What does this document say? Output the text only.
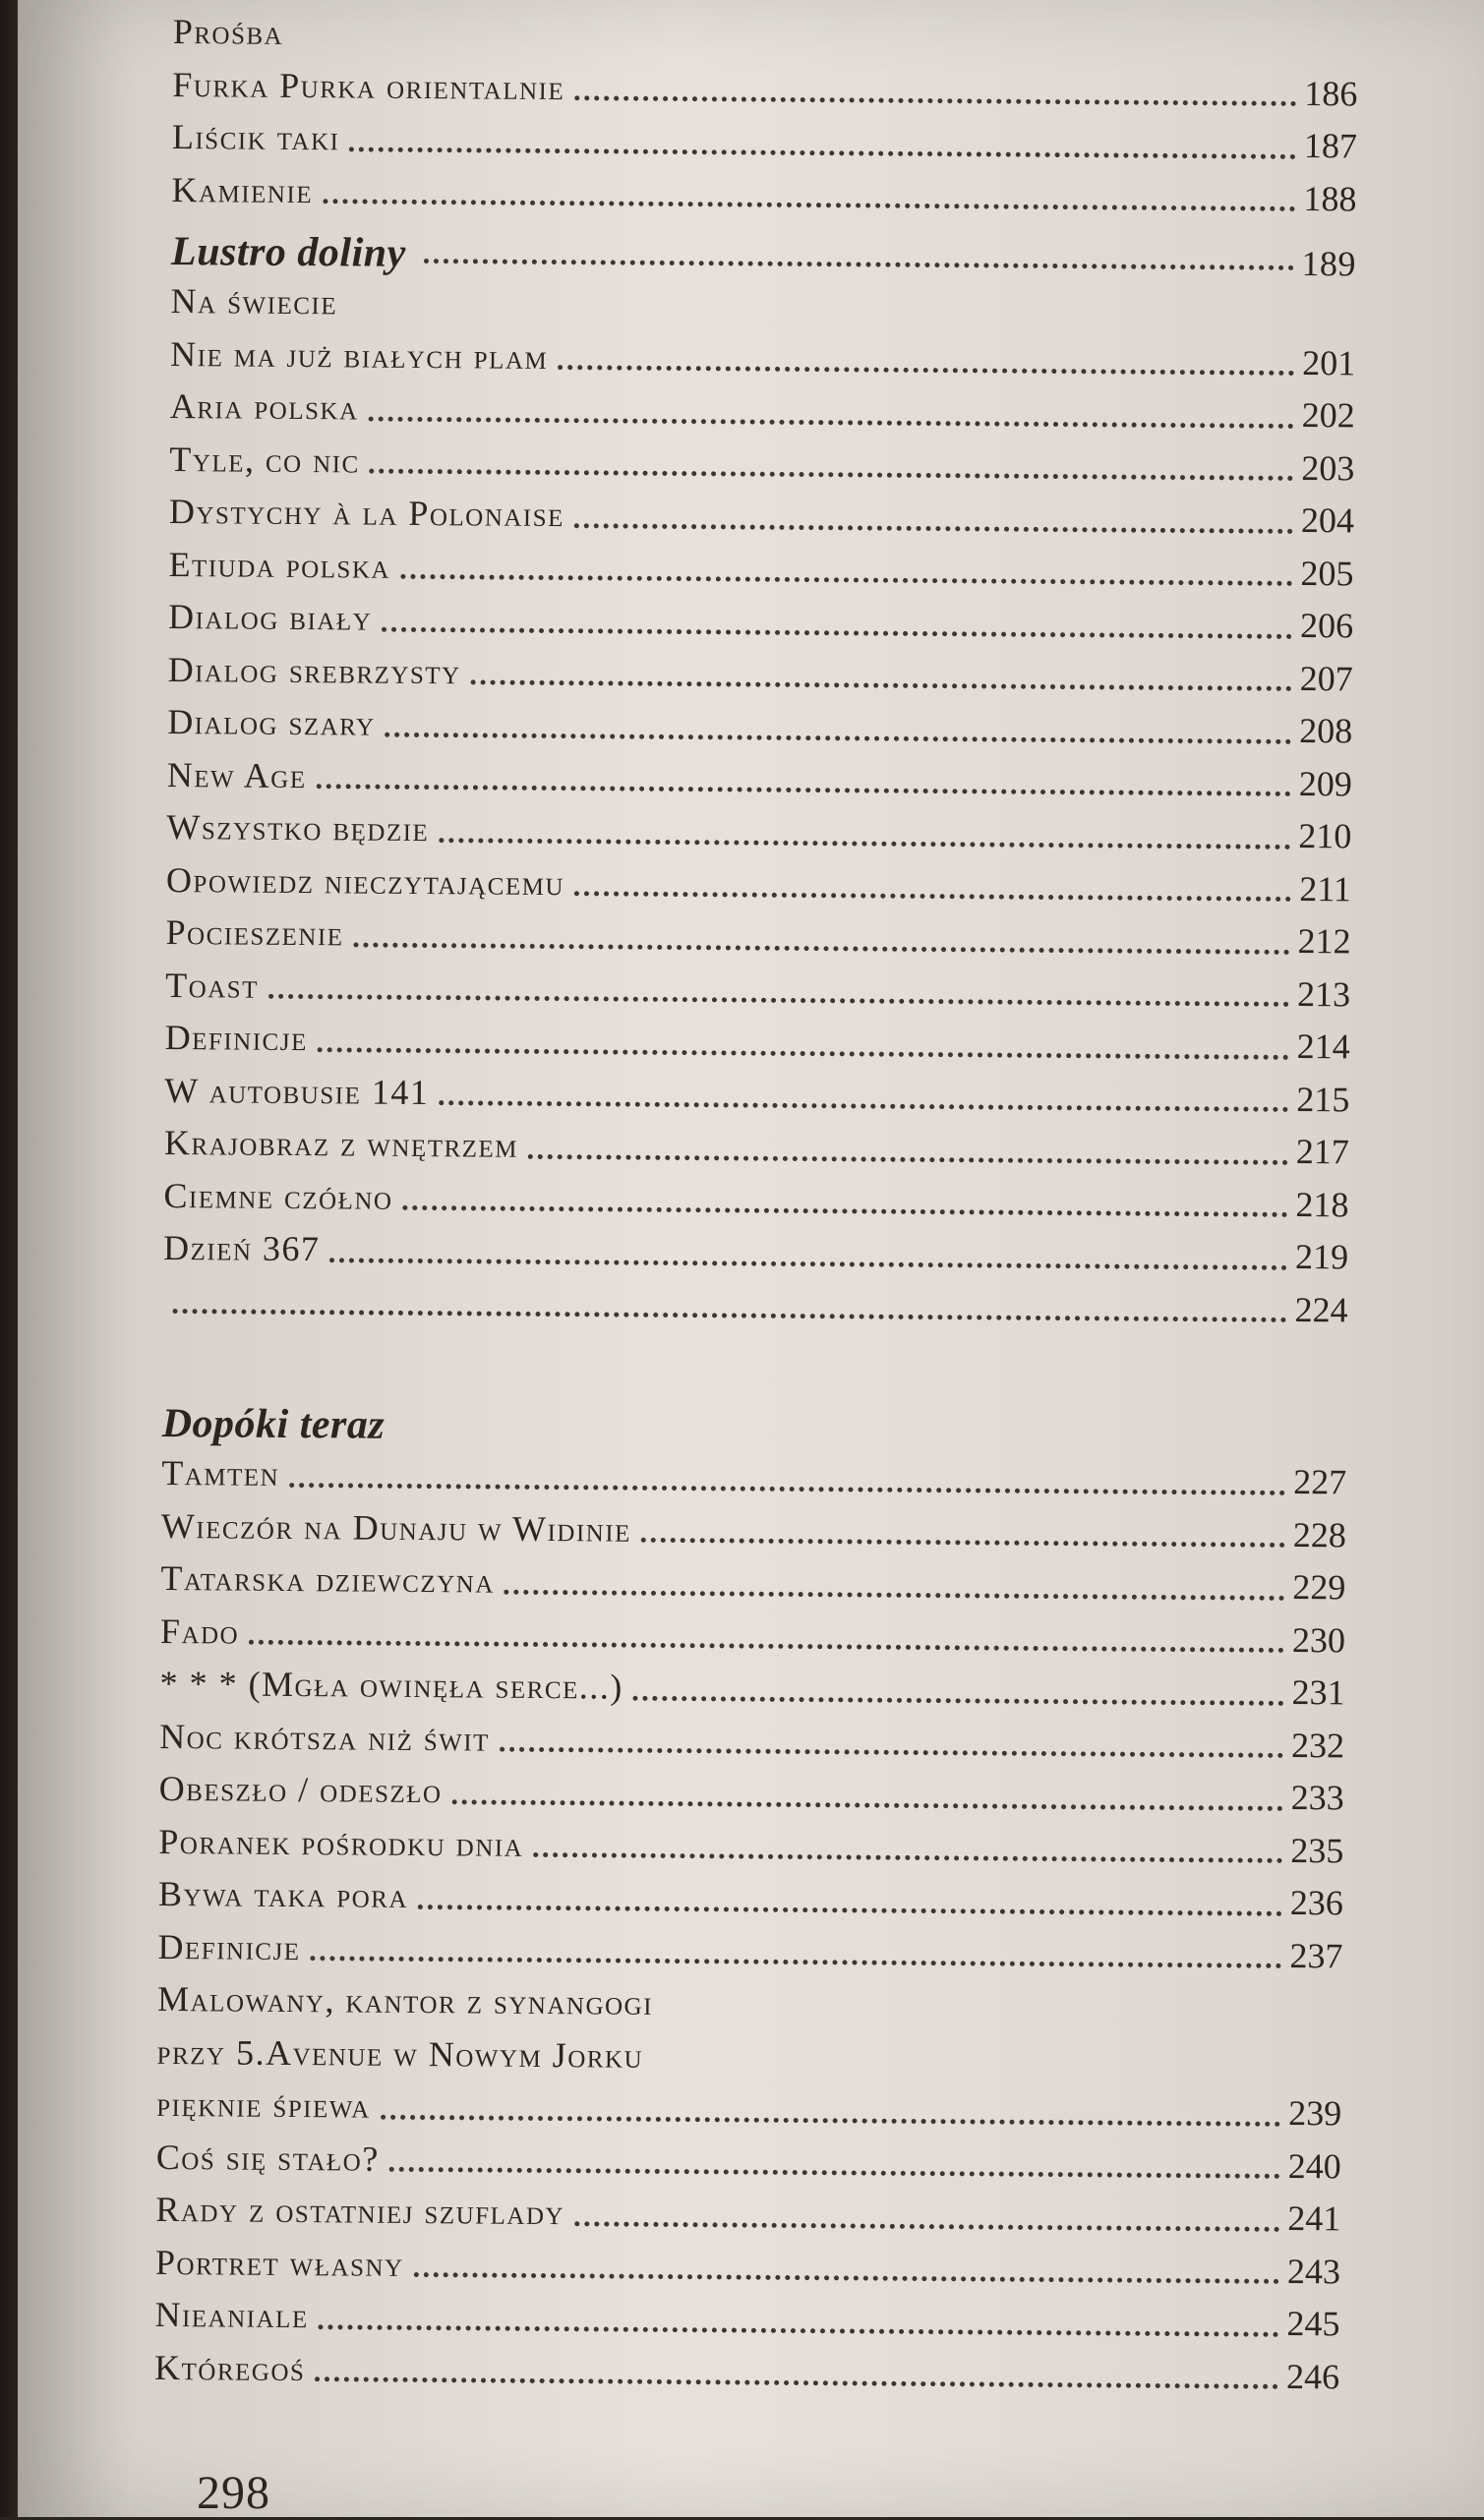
Prośba
Furka Purka orientalnie	186
Liścik taki	187
Kamienie	188
Lustro doliny	189
Na świecie
Nie ma już białych plam	201
Aria polska	202
Tyle, co nic	203
Dystychy à la Polonaise	204
Etiuda polska	205
Dialog biały	206
Dialog srebrzysty	207
Dialog szary	208
New Age	209
Wszystko będzie	210
Opowiedz nieczytającemu	211
Pocieszenie	212
Toast	213
Definicje	214
W autobusie 141	215
Krajobraz z wnętrzem	217
Ciemne czółno	218
Dzień 367	219
224
Dopóki teraz
Tamten	227
Wieczór na Dunaju w Widinie	228
Tatarska dziewczyna	229
Fado	230
* * * (Mgła owinęła serce...)	231
Noc krótsza niż świt	232
Obeszło / odeszło	233
Poranek pośrodku dnia	235
Bywa taka pora	236
Definicje	237
Malowany, kantor z synangogi
przy 5.Avenue w Nowym Jorku
pięknie śpiewa	239
Coś się stało?	240
Rady z ostatniej szuflady	241
Portret własny	243
Nieaniale	245
Któregoś	246
298
